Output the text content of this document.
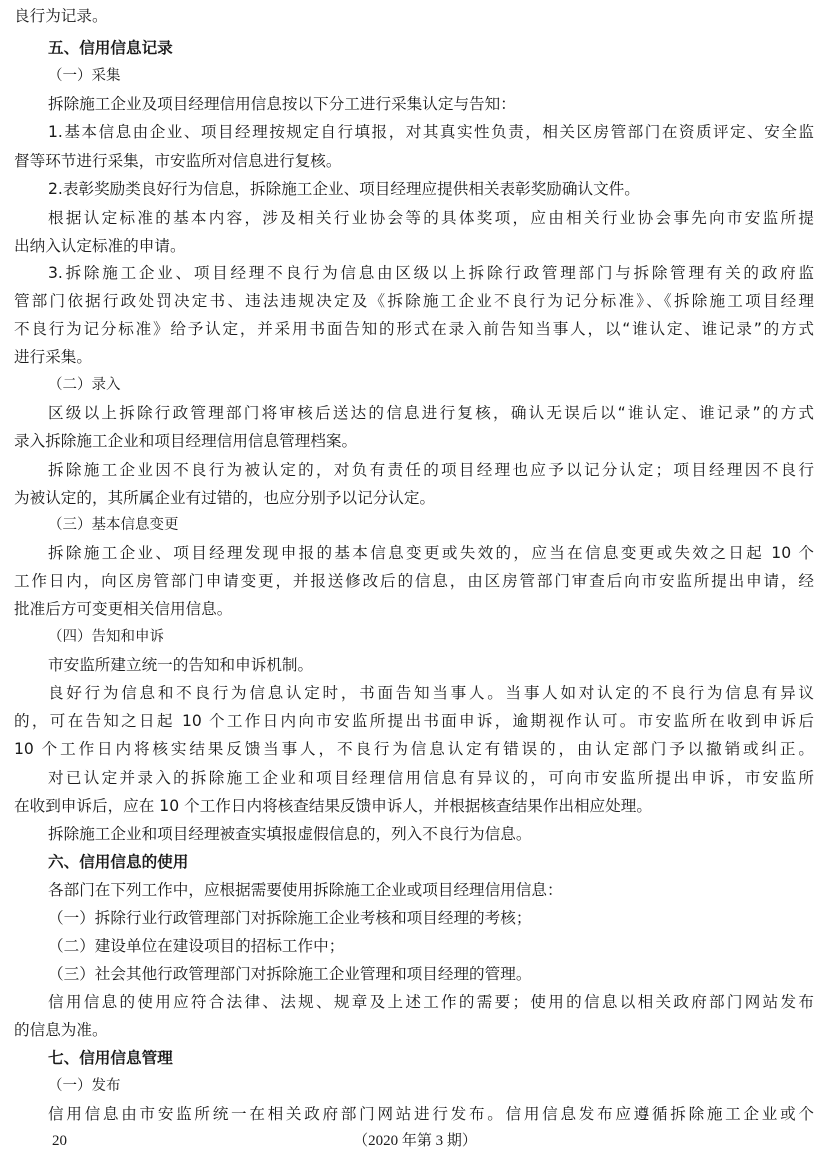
良行为记录。
五、信用信息记录
（一）采集
拆除施工企业及项目经理信用信息按以下分工进行采集认定与告知：
1.基本信息由企业、项目经理按规定自行填报，对其真实性负责，相关区房管部门在资质评定、安全监
督等环节进行采集，市安监所对信息进行复核。
2.表彰奖励类良好行为信息，拆除施工企业、项目经理应提供相关表彰奖励确认文件。
根据认定标准的基本内容，涉及相关行业协会等的具体奖项，应由相关行业协会事先向市安监所提
出纳入认定标准的申请。
3.拆除施工企业、项目经理不良行为信息由区级以上拆除行政管理部门与拆除管理有关的政府监
管部门依据行政处罚决定书、违法违规决定及《拆除施工企业不良行为记分标准》、《拆除施工项目经理
不良行为记分标准》给予认定，并采用书面告知的形式在录入前告知当事人，以“谁认定、谁记录”的方式
进行采集。
（二）录入
区级以上拆除行政管理部门将审核后送达的信息进行复核，确认无误后以“谁认定、谁记录”的方式
录入拆除施工企业和项目经理信用信息管理档案。
拆除施工企业因不良行为被认定的，对负有责任的项目经理也应予以记分认定；项目经理因不良行
为被认定的，其所属企业有过错的，也应分别予以记分认定。
（三）基本信息变更
拆除施工企业、项目经理发现申报的基本信息变更或失效的，应当在信息变更或失效之日起 10 个
工作日内，向区房管部门申请变更，并报送修改后的信息，由区房管部门审查后向市安监所提出申请，经
批准后方可变更相关信用信息。
（四）告知和申诉
市安监所建立统一的告知和申诉机制。
良好行为信息和不良行为信息认定时，书面告知当事人。当事人如对认定的不良行为信息有异议
的，可在告知之日起 10 个工作日内向市安监所提出书面申诉，逾期视作认可。市安监所在收到申诉后
10 个工作日内将核实结果反馈当事人，不良行为信息认定有错误的，由认定部门予以撤销或纠正。
对已认定并录入的拆除施工企业和项目经理信用信息有异议的，可向市安监所提出申诉，市安监所
在收到申诉后，应在 10 个工作日内将核查结果反馈申诉人，并根据核查结果作出相应处理。
拆除施工企业和项目经理被查实填报虚假信息的，列入不良行为信息。
六、信用信息的使用
各部门在下列工作中，应根据需要使用拆除施工企业或项目经理信用信息：
（一）拆除行业行政管理部门对拆除施工企业考核和项目经理的考核；
（二）建设单位在建设项目的招标工作中；
（三）社会其他行政管理部门对拆除施工企业管理和项目经理的管理。
信用信息的使用应符合法律、法规、规章及上述工作的需要；使用的信息以相关政府部门网站发布
的信息为准。
七、信用信息管理
（一）发布
信用信息由市安监所统一在相关政府部门网站进行发布。信用信息发布应遵循拆除施工企业或个
20	（2020 年第 3 期）
